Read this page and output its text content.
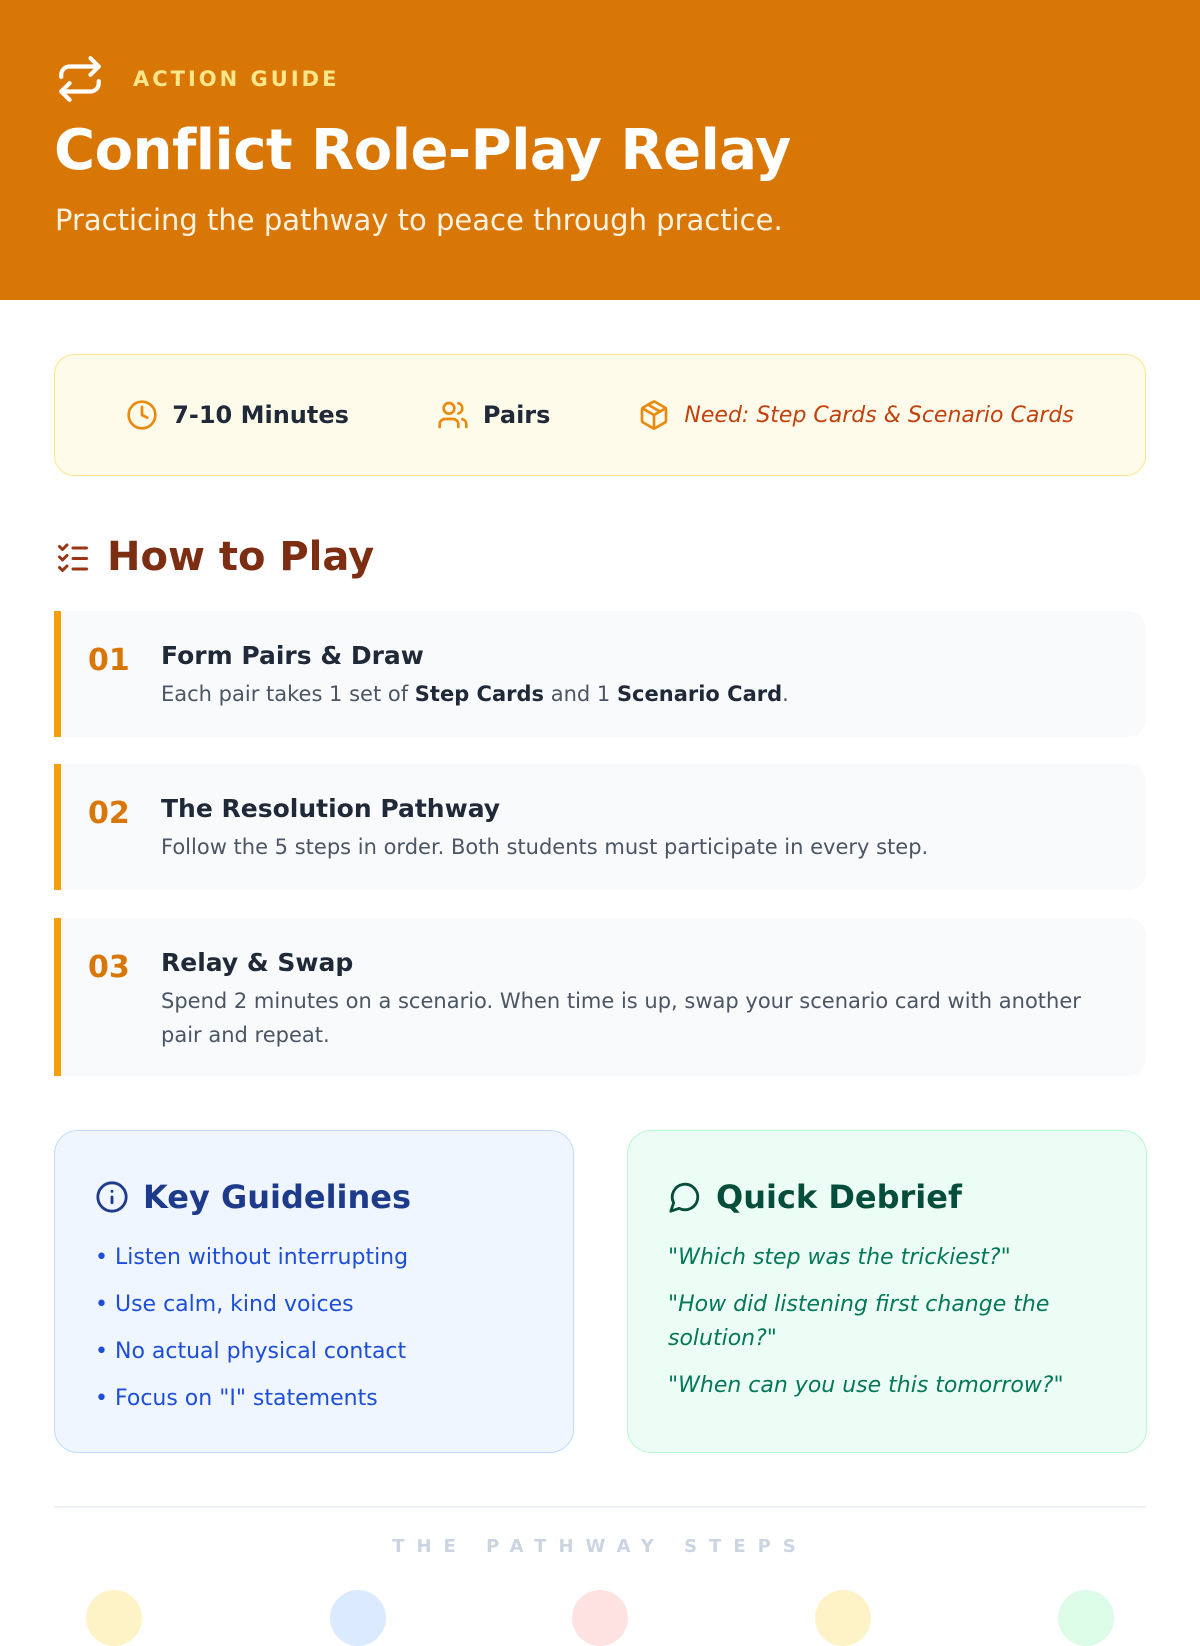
ACTION GUIDE
Conflict Role-Play Relay

Practicing the pathway to peace through practice.

7-10 Minutes	Pairs	Need: Step Cards & Scenario Cards
How to Play
01 Form Pairs & Draw

Each pair takes 1 set of Step Cards and 1 Scenario Card.

02 The Resolution Pathway

Follow the 5 steps in order. Both students must participate in every step.

03 Relay & Swap

Spend 2 minutes on a scenario. When time is up, swap your scenario card with another pair and repeat.

Key Guidelines
• Listen without interrupting
• Use calm, kind voices
• No actual physical contact
• Focus on "I" statements
Quick Debrief
"Which step was the trickiest?"
"How did listening first change the solution?"
"When can you use this tomorrow?"
THE PATHWAY STEPS
